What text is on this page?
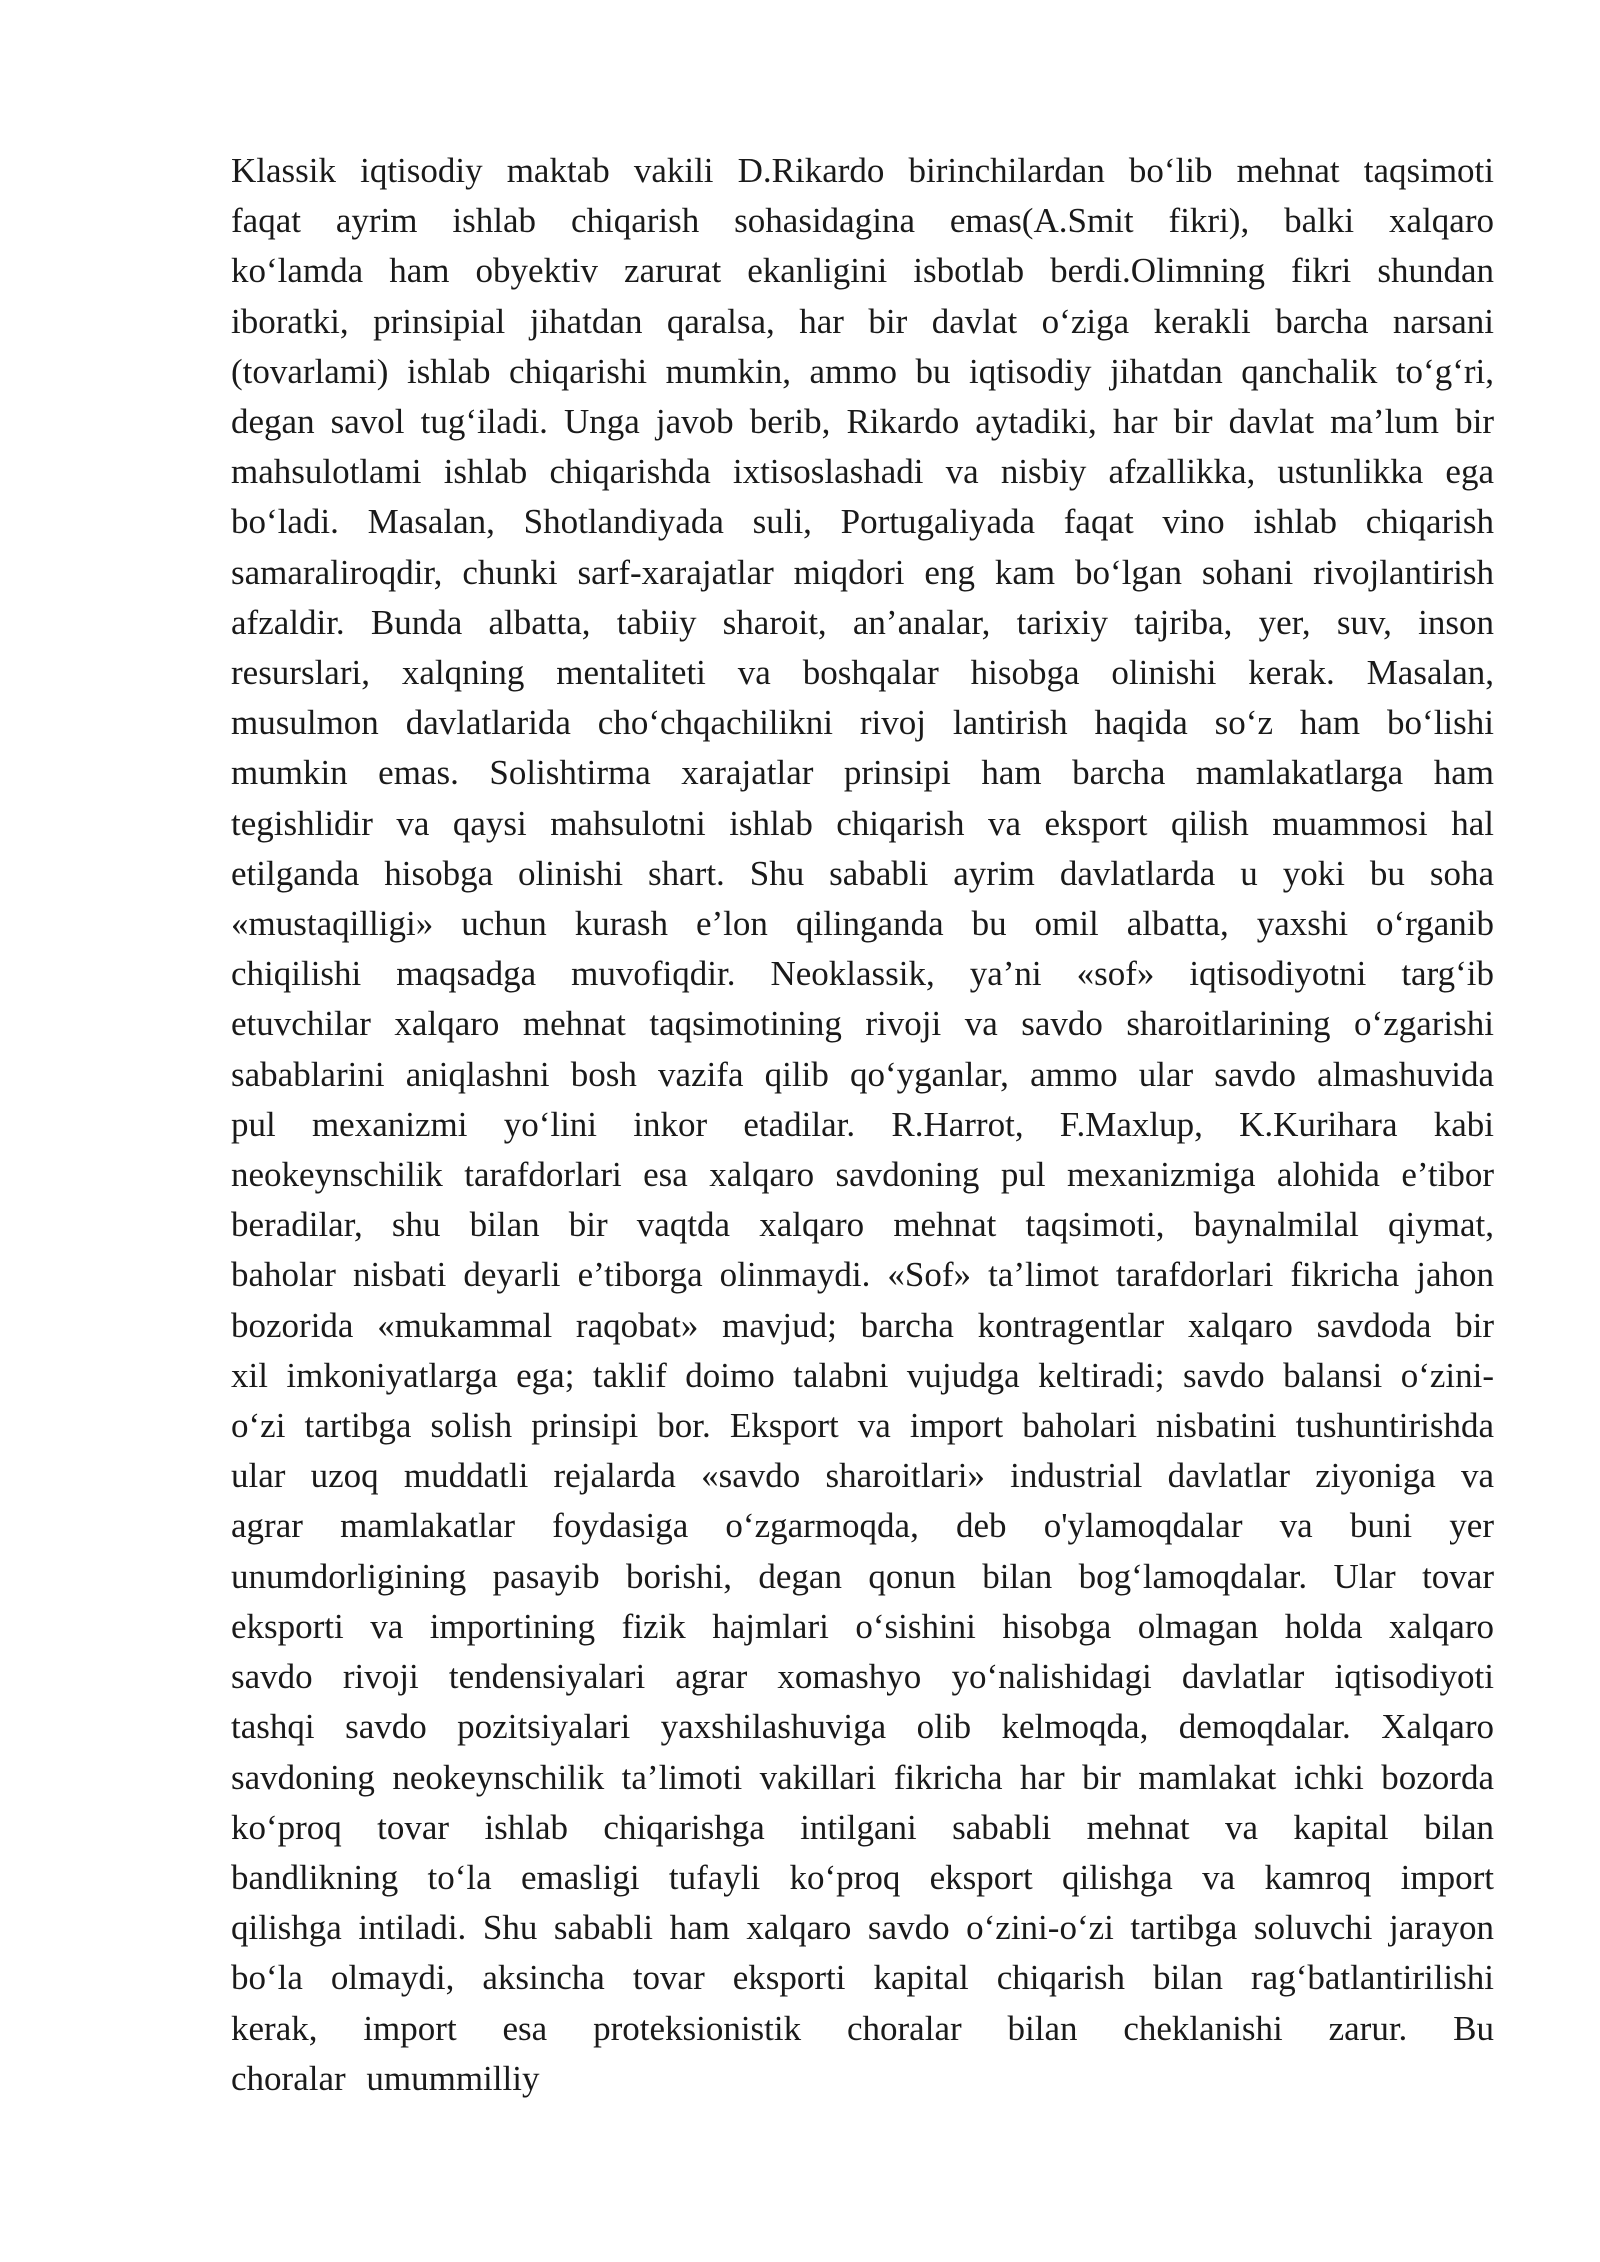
Klassik iqtisodiy maktab vakili D.Rikardo birinchilardan bo‘lib mehnat taqsimoti
faqat ayrim ishlab chiqarish sohasidagina emas(A.Smit fikri), balki xalqaro
ko‘lamda ham obyektiv zarurat ekanligini isbotlab berdi.Olimning fikri shundan
iboratki, prinsipial jihatdan qaralsa, har bir davlat o‘ziga kerakli barcha narsani
(tovarlami) ishlab chiqarishi mumkin, ammo bu iqtisodiy jihatdan qanchalik to‘g‘ri,
degan savol tug‘iladi. Unga javob berib, Rikardo aytadiki, har bir davlat ma’lum bir
mahsulotlami ishlab chiqarishda ixtisoslashadi va nisbiy afzallikka, ustunlikka ega
bo‘ladi. Masalan, Shotlandiyada suli, Portugaliyada faqat vino ishlab chiqarish
samaraliroqdir, chunki sarf-xarajatlar miqdori eng kam bo‘lgan sohani rivojlantirish
afzaldir. Bunda albatta, tabiiy sharoit, an’analar, tarixiy tajriba, yer, suv, inson
resurslari, xalqning mentaliteti va boshqalar hisobga olinishi kerak. Masalan,
musulmon davlatlarida cho‘chqachilikni rivoj lantirish haqida so‘z ham bo‘lishi
mumkin emas. Solishtirma xarajatlar prinsipi ham barcha mamlakatlarga ham
tegishlidir va qaysi mahsulotni ishlab chiqarish va eksport qilish muammosi hal
etilganda hisobga olinishi shart. Shu sababli ayrim davlatlarda u yoki bu soha
«mustaqilligi» uchun kurash e’lon qilinganda bu omil albatta, yaxshi o‘rganib
chiqilishi maqsadga muvofiqdir. Neoklassik, ya’ni «sof» iqtisodiyotni targ‘ib
etuvchilar xalqaro mehnat taqsimotining rivoji va savdo sharoitlarining o‘zgarishi
sabablarini aniqlashni bosh vazifa qilib qo‘yganlar, ammo ular savdo almashuvida
pul mexanizmi yo‘lini inkor etadilar. R.Harrot, F.Maxlup, K.Kurihara kabi
neokeynschilik tarafdorlari esa xalqaro savdoning pul mexanizmiga alohida e’tibor
beradilar, shu bilan bir vaqtda xalqaro mehnat taqsimoti, baynalmilal qiymat,
baholar nisbati deyarli e’tiborga olinmaydi. «Sof» ta’limot tarafdorlari fikricha jahon
bozorida «mukammal raqobat» mavjud; barcha kontragentlar xalqaro savdoda bir
xil imkoniyatlarga ega; taklif doimo talabni vujudga keltiradi; savdo balansi o‘zini-
o‘zi tartibga solish prinsipi bor. Eksport va import baholari nisbatini tushuntirishda
ular uzoq muddatli rejalarda «savdo sharoitlari» industrial davlatlar ziyoniga va
agrar mamlakatlar foydasiga o‘zgarmoqda, deb o'ylamoqdalar va buni yer
unumdorligining pasayib borishi, degan qonun bilan bog‘lamoqdalar. Ular tovar
eksporti va importining fizik hajmlari o‘sishini hisobga olmagan holda xalqaro
savdo rivoji tendensiyalari agrar xomashyo yo‘nalishidagi davlatlar iqtisodiyoti
tashqi savdo pozitsiyalari yaxshilashuviga olib kelmoqda, demoqdalar. Xalqaro
savdoning neokeynschilik ta’limoti vakillari fikricha har bir mamlakat ichki bozorda
ko‘proq tovar ishlab chiqarishga intilgani sababli mehnat va kapital bilan
bandlikning to‘la emasligi tufayli ko‘proq eksport qilishga va kamroq import
qilishga intiladi. Shu sababli ham xalqaro savdo o‘zini-o‘zi tartibga soluvchi jarayon
bo‘la olmaydi, aksincha tovar eksporti kapital chiqarish bilan rag‘batlantirilishi
kerak, import esa proteksionistik choralar bilan cheklanishi zarur. Bu
choralar umummilliy
